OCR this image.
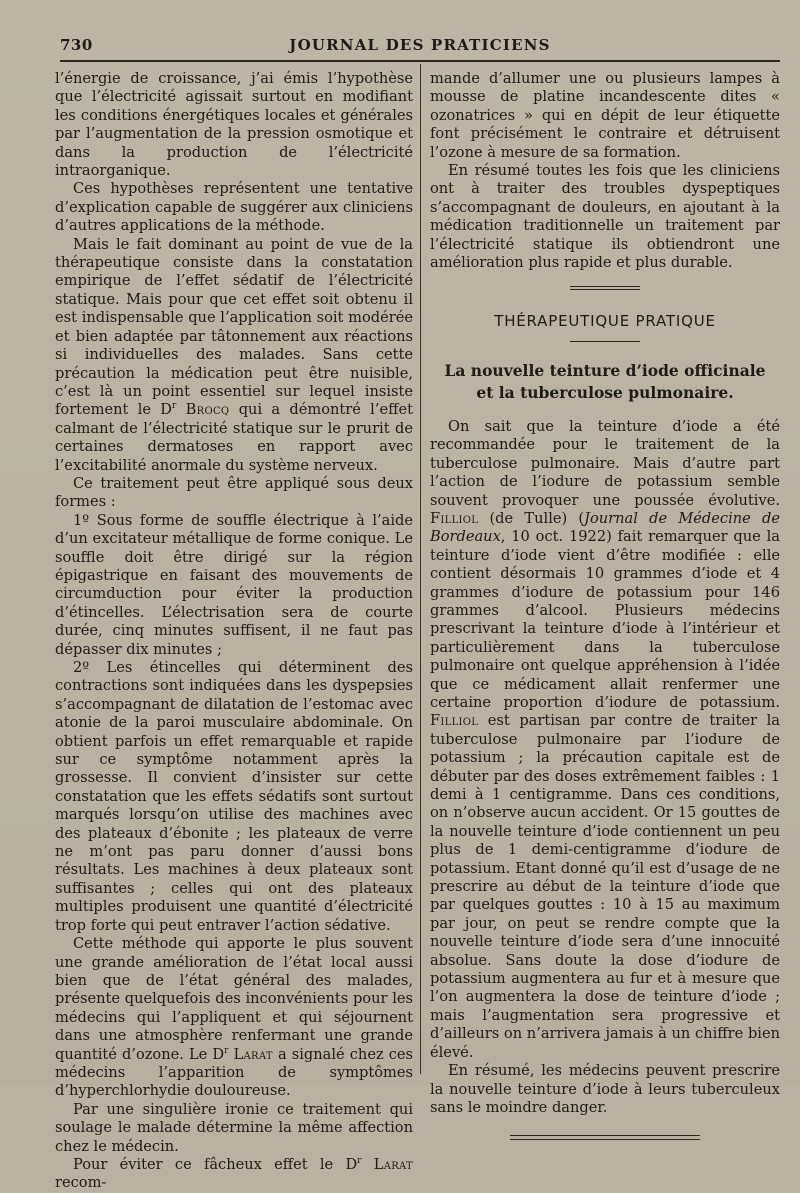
730	JOURNAL DES PRATICIENS

l’énergie de croissance, j’ai émis l’hypothèse que l’électricité agissait surtout en modifiant les conditions énergétiques locales et générales par l’augmentation de la pression osmotique et dans la production de l’électricité intraorganique.

Ces hypothèses représentent une tentative d’explication capable de suggérer aux cliniciens d’autres applications de la méthode.

Mais le fait dominant au point de vue de la thérapeutique consiste dans la constatation empirique de l’effet sédatif de l’électricité statique. Mais pour que cet effet soit obtenu il est indispensable que l’application soit modérée et bien adaptée par tâtonnement aux réactions si individuelles des malades. Sans cette précaution la médication peut être nuisible, c’est là un point essentiel sur lequel insiste fortement le $D^r$ Brocq qui a démontré l’effet calmant de l’électricité statique sur le prurit de certaines dermatoses en rapport avec l’excitabilité anormale du système nerveux.

Ce traitement peut être appliqué sous deux formes :

1º Sous forme de souffle électrique à l’aide d’un excitateur métallique de forme conique. Le souffle doit être dirigé sur la région épigastrique en faisant des mouvements de circumduction pour éviter la production d’étincelles. L’électrisation sera de courte durée, cinq minutes suffisent, il ne faut pas dépasser dix minutes ;

2º Les étincelles qui déterminent des contractions sont indiquées dans les dyspepsies s’accompagnant de dilatation de l’estomac avec atonie de la paroi musculaire abdominale. On obtient parfois un effet remarquable et rapide sur ce symptôme notamment après la grossesse. Il convient d’insister sur cette constatation que les effets sédatifs sont surtout marqués lorsqu’on utilise des machines avec des plateaux d’ébonite ; les plateaux de verre ne m’ont pas paru donner d’aussi bons résultats. Les machines à deux plateaux sont suffisantes ; celles qui ont des plateaux multiples produisent une quantité d’électricité trop forte qui peut entraver l’action sédative.

Cette méthode qui apporte le plus souvent une grande amélioration de l’état local aussi bien que de l’état général des malades, présente quelquefois des inconvénients pour les médecins qui l’appliquent et qui séjournent dans une atmosphère renfermant une grande quantité d’ozone. Le $D^r$ Larat a signalé chez ces médecins l’apparition de symptômes d’hyperchlorhydie douloureuse.

Par une singulière ironie ce traitement qui soulage le malade détermine la même affection chez le médecin.

Pour éviter ce fâcheux effet le $D^r$ Larat recom-

mande d’allumer une ou plusieurs lampes à mousse de platine incandescente dites « ozonatrices » qui en dépit de leur étiquette font précisément le contraire et détruisent l’ozone à mesure de sa formation.

En résumé toutes les fois que les cliniciens ont à traiter des troubles dyspeptiques s’accompagnant de douleurs, en ajoutant à la médication traditionnelle un traitement par l’électricité statique ils obtiendront une amélioration plus rapide et plus durable.

THÉRAPEUTIQUE PRATIQUE
La nouvelle teinture d’iode officinale
et la tuberculose pulmonaire.

On sait que la teinture d’iode a été recommandée pour le traitement de la tuberculose pulmonaire. Mais d’autre part l’action de l’iodure de potassium semble souvent provoquer une poussée évolutive. Filliol (de Tulle) (Journal de Médecine de Bordeaux, 10 oct. 1922) fait remarquer que la teinture d’iode vient d’être modifiée : elle contient désormais 10 grammes d’iode et 4 grammes d’iodure de potassium pour 146 grammes d’alcool. Plusieurs médecins prescrivant la teinture d’iode à l’intérieur et particulièrement dans la tuberculose pulmonaire ont quelque appréhension à l’idée que ce médicament allait renfermer une certaine proportion d’iodure de potassium. Filliol est partisan par contre de traiter la tuberculose pulmonaire par l’iodure de potassium ; la précaution capitale est de débuter par des doses extrêmement faibles : 1 demi à 1 centigramme. Dans ces conditions, on n’observe aucun accident. Or 15 gouttes de la nouvelle teinture d’iode contiennent un peu plus de 1 demi-centigramme d’iodure de potassium. Etant donné qu’il est d’usage de ne prescrire au début de la teinture d’iode que par quelques gouttes : 10 à 15 au maximum par jour, on peut se rendre compte que la nouvelle teinture d’iode sera d’une innocuité absolue. Sans doute la dose d’iodure de potassium augmentera au fur et à mesure que l’on augmentera la dose de teinture d’iode ; mais l’augmentation sera progressive et d’ailleurs on n’arrivera jamais à un chiffre bien élevé.

En résumé, les médecins peuvent prescrire la nouvelle teinture d’iode à leurs tuberculeux sans le moindre danger.
